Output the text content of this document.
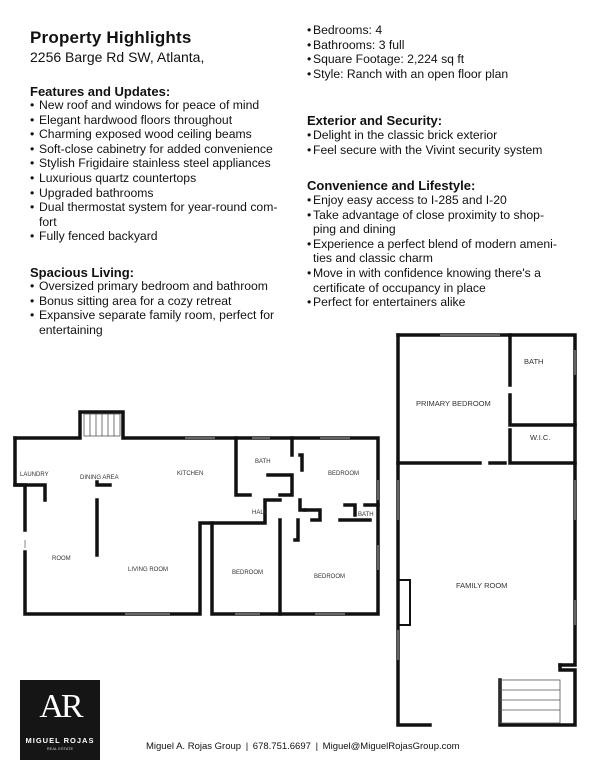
Property Highlights
2256 Barge Rd SW, Atlanta,
Features and Updates:
• New roof and windows for peace of mind
• Elegant hardwood floors throughout
• Charming exposed wood ceiling beams
• Soft-close cabinetry for added convenience
• Stylish Frigidaire stainless steel appliances
• Luxurious quartz countertops
• Upgraded bathrooms
• Dual thermostat system for year-round com-
fort
• Fully fenced backyard
Spacious Living:
• Oversized primary bedroom and bathroom
• Bonus sitting area for a cozy retreat
• Expansive separate family room, perfect for
entertaining
• Bedrooms: 4
• Bathrooms: 3 full
• Square Footage: 2,224 sq ft
• Style: Ranch with an open floor plan
Exterior and Security:
• Delight in the classic brick exterior
• Feel secure with the Vivint security system
Convenience and Lifestyle:
• Enjoy easy access to I-285 and I-20
• Take advantage of close proximity to shop-
ping and dining
• Experience a perfect blend of modern ameni-
ties and classic charm
• Move in with confidence knowing there's a
certificate of occupancy in place
• Perfect for entertainers alike
LAUNDRY	DINING AREA
KITCHEN
BATH
BEDROOM
BATH
HALL
ROOM
LIVING ROOM	BEDROOM
BEDROOM
PRIMARY BEDROOM
BATH
W.I.C.
FAMILY ROOM
AR
MIGUEL ROJAS
REAL ESTATE	Miguel A. Rojas Group | 678.751.6697 | Miguel@MiguelRojasGroup.com
